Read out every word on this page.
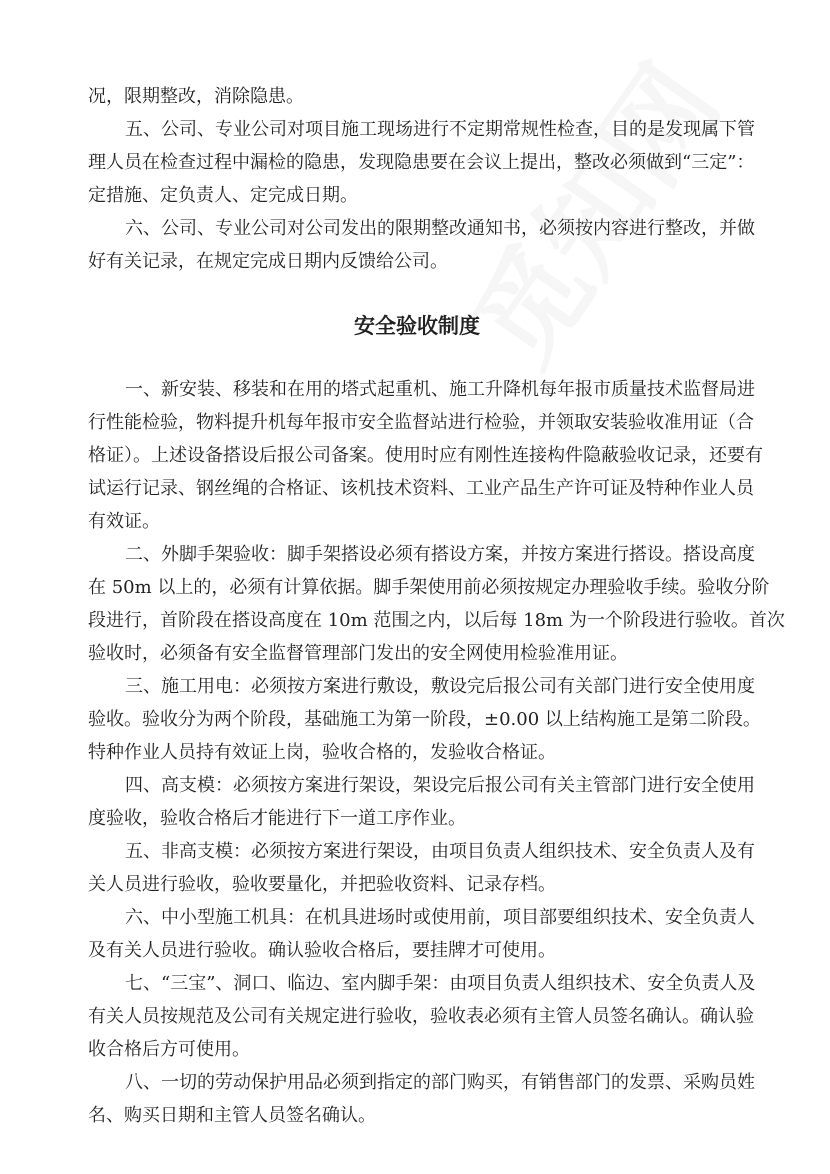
况，限期整改，消除隐患。
五、公司、专业公司对项目施工现场进行不定期常规性检查，目的是发现属下管
理人员在检查过程中漏检的隐患，发现隐患要在会议上提出，整改必须做到“三定”：
定措施、定负责人、定完成日期。
六、公司、专业公司对公司发出的限期整改通知书，必须按内容进行整改，并做
好有关记录，在规定完成日期内反馈给公司。
安全验收制度
一、新安装、移装和在用的塔式起重机、施工升降机每年报市质量技术监督局进
行性能检验，物料提升机每年报市安全监督站进行检验，并领取安装验收准用证（合
格证）。上述设备搭设后报公司备案。使用时应有刚性连接构件隐蔽验收记录，还要有
试运行记录、钢丝绳的合格证、该机技术资料、工业产品生产许可证及特种作业人员
有效证。
二、外脚手架验收：脚手架搭设必须有搭设方案，并按方案进行搭设。搭设高度
在 50m 以上的，必须有计算依据。脚手架使用前必须按规定办理验收手续。验收分阶
段进行，首阶段在搭设高度在 10m 范围之内，以后每 18m 为一个阶段进行验收。首次
验收时，必须备有安全监督管理部门发出的安全网使用检验准用证。
三、施工用电：必须按方案进行敷设，敷设完后报公司有关部门进行安全使用度
验收。验收分为两个阶段，基础施工为第一阶段，±0.00 以上结构施工是第二阶段。
特种作业人员持有效证上岗，验收合格的，发验收合格证。
四、高支模：必须按方案进行架设，架设完后报公司有关主管部门进行安全使用
度验收，验收合格后才能进行下一道工序作业。
五、非高支模：必须按方案进行架设，由项目负责人组织技术、安全负责人及有
关人员进行验收，验收要量化，并把验收资料、记录存档。
六、中小型施工机具：在机具进场时或使用前，项目部要组织技术、安全负责人
及有关人员进行验收。确认验收合格后，要挂牌才可使用。
七、“三宝”、洞口、临边、室内脚手架：由项目负责人组织技术、安全负责人及
有关人员按规范及公司有关规定进行验收，验收表必须有主管人员签名确认。确认验
收合格后方可使用。
八、一切的劳动保护用品必须到指定的部门购买，有销售部门的发票、采购员姓
名、购买日期和主管人员签名确认。
